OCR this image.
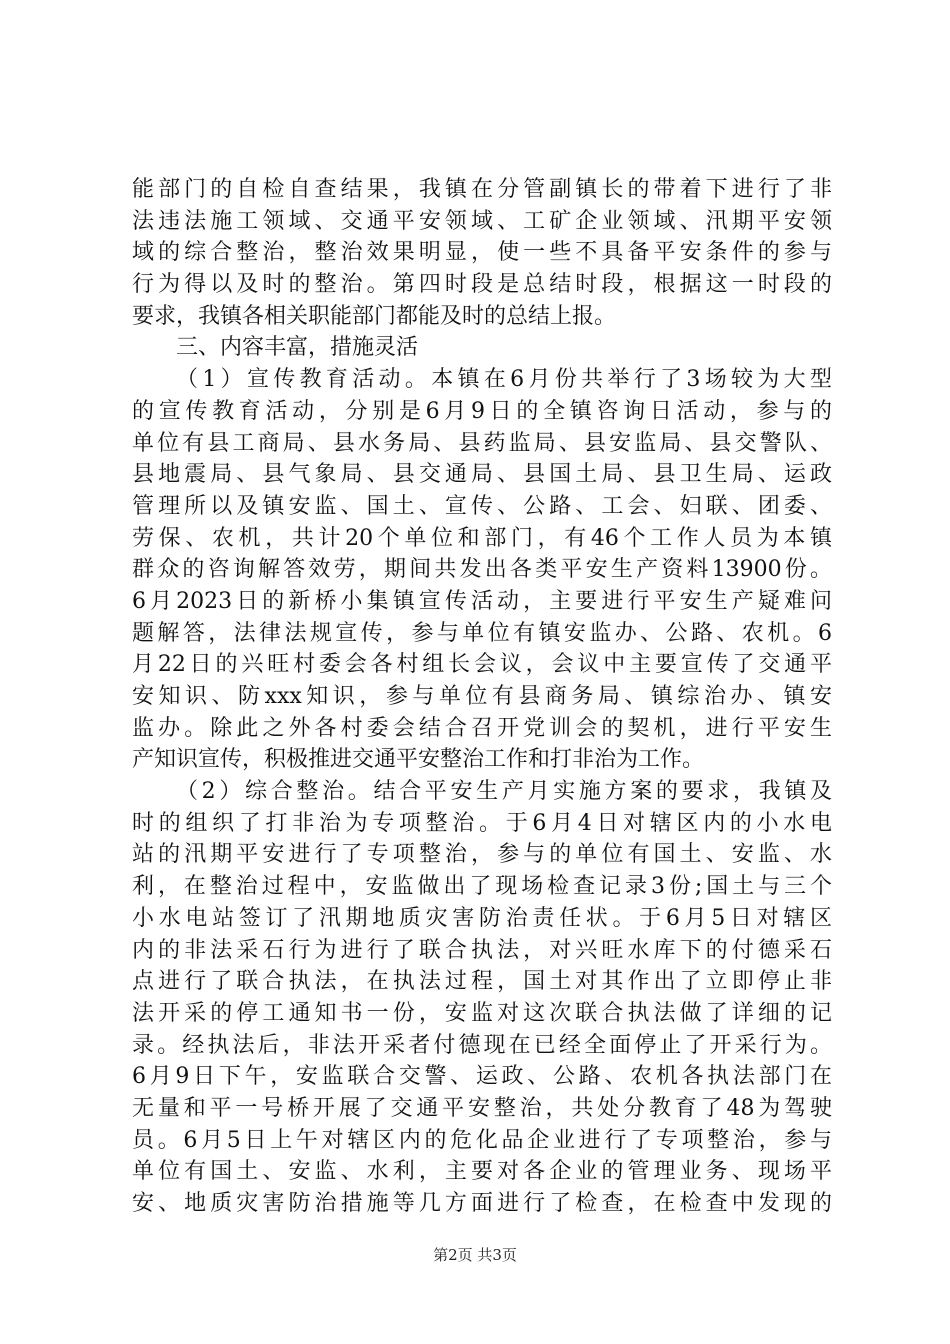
能部门的自检自查结果，我镇在分管副镇长的带着下进行了非
法违法施工领域、交通平安领域、工矿企业领域、汛期平安领
域的综合整治，整治效果明显，使一些不具备平安条件的参与
行为得以及时的整治。第四时段是总结时段，根据这一时段的
要求，我镇各相关职能部门都能及时的总结上报。
三、内容丰富，措施灵活
（1）宣传教育活动。本镇在6月份共举行了3场较为大型
的宣传教育活动，分别是6月9日的全镇咨询日活动，参与的
单位有县工商局、县水务局、县药监局、县安监局、县交警队、
县地震局、县气象局、县交通局、县国土局、县卫生局、运政
管理所以及镇安监、国土、宣传、公路、工会、妇联、团委、
劳保、农机，共计20个单位和部门，有46个工作人员为本镇
群众的咨询解答效劳，期间共发出各类平安生产资料13900份。
6月2023日的新桥小集镇宣传活动，主要进行平安生产疑难问
题解答，法律法规宣传，参与单位有镇安监办、公路、农机。6
月22日的兴旺村委会各村组长会议，会议中主要宣传了交通平
安知识、防xxx知识，参与单位有县商务局、镇综治办、镇安
监办。除此之外各村委会结合召开党训会的契机，进行平安生
产知识宣传，积极推进交通平安整治工作和打非治为工作。
（2）综合整治。结合平安生产月实施方案的要求，我镇及
时的组织了打非治为专项整治。于6月4日对辖区内的小水电
站的汛期平安进行了专项整治，参与的单位有国土、安监、水
利，在整治过程中，安监做出了现场检查记录3份;国土与三个
小水电站签订了汛期地质灾害防治责任状。于6月5日对辖区
内的非法采石行为进行了联合执法，对兴旺水库下的付德采石
点进行了联合执法，在执法过程，国土对其作出了立即停止非
法开采的停工通知书一份，安监对这次联合执法做了详细的记
录。经执法后，非法开采者付德现在已经全面停止了开采行为。
6月9日下午，安监联合交警、运政、公路、农机各执法部门在
无量和平一号桥开展了交通平安整治，共处分教育了48为驾驶
员。6月5日上午对辖区内的危化品企业进行了专项整治，参与
单位有国土、安监、水利，主要对各企业的管理业务、现场平
安、地质灾害防治措施等几方面进行了检查，在检查中发现的
第2页 共3页
